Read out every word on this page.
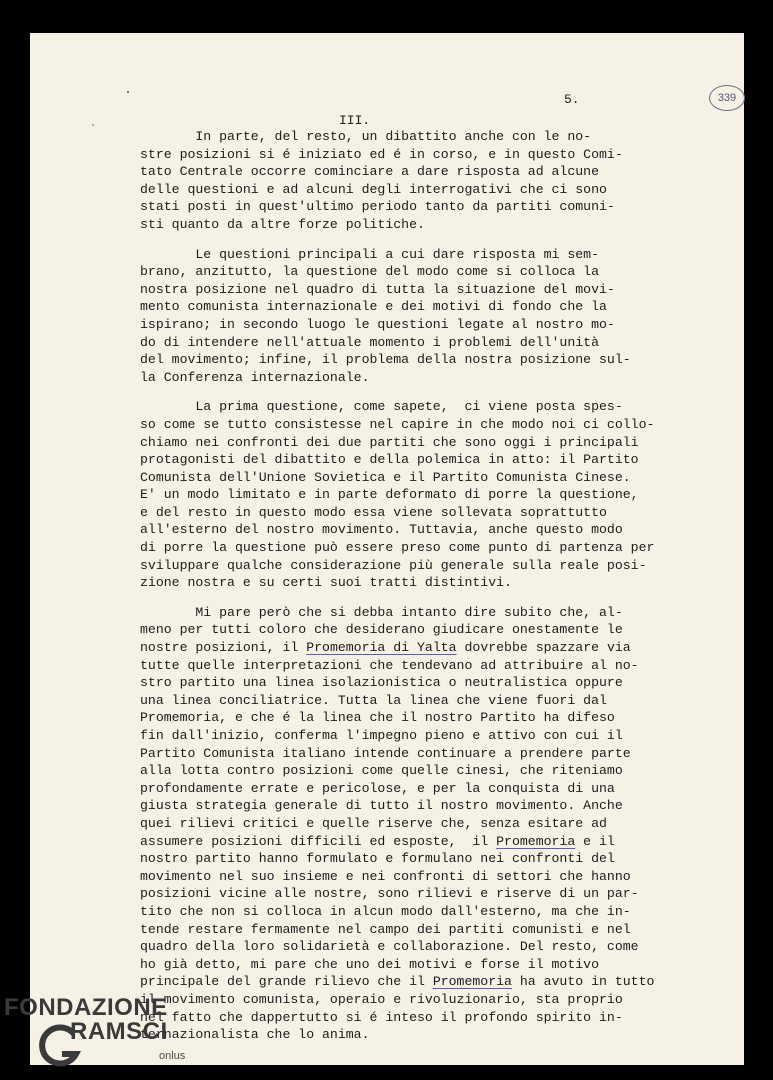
ˎ
339
5.
III.
In parte, del resto, un dibattito anche con le no-
stre posizioni si é iniziato ed é in corso, e in questo Comi-
tato Centrale occorre cominciare a dare risposta ad alcune
delle questioni e ad alcuni degli interrogativi che ci sono
stati posti in quest'ultimo periodo tanto da partiti comuni-
sti quanto da altre forze politiche.
Le questioni principali a cui dare risposta mi sem-
brano, anzitutto, la questione del modo come si colloca la
nostra posizione nel quadro di tutta la situazione del movi-
mento comunista internazionale e dei motivi di fondo che la
ispirano; in secondo luogo le questioni legate al nostro mo-
do di intendere nell'attuale momento i problemi dell'unità
del movimento; infine, il problema della nostra posizione sul-
la Conferenza internazionale.
La prima questione, come sapete,  ci viene posta spes-
so come se tutto consistesse nel capire in che modo noi ci collo-
chiamo nei confronti dei due partiti che sono oggi i principali
protagonisti del dibattito e della polemica in atto: il Partito
Comunista dell'Unione Sovietica e il Partito Comunista Cinese.
E' un modo limitato e in parte deformato di porre la questione,
e del resto in questo modo essa viene sollevata soprattutto
all'esterno del nostro movimento. Tuttavia, anche questo modo
di porre la questione può essere preso come punto di partenza per
sviluppare qualche considerazione più generale sulla reale posi-
zione nostra e su certi suoi tratti distintivi.
Mi pare però che si debba intanto dire subito che, al-
meno per tutti coloro che desiderano giudicare onestamente le
nostre posizioni, il Promemoria di Yalta dovrebbe spazzare via
tutte quelle interpretazioni che tendevano ad attribuire al no-
stro partito una linea isolazionistica o neutralistica oppure
una linea conciliatrice. Tutta la linea che viene fuori dal
Promemoria, e che é la linea che il nostro Partito ha difeso
fin dall'inizio, conferma l'impegno pieno e attivo con cui il
Partito Comunista italiano intende continuare a prendere parte
alla lotta contro posizioni come quelle cinesi, che riteniamo
profondamente errate e pericolose, e per la conquista di una
giusta strategia generale di tutto il nostro movimento. Anche
quei rilievi critici e quelle riserve che, senza esitare ad
assumere posizioni difficili ed esposte,  il Promemoria e il
nostro partito hanno formulato e formulano nei confronti del
movimento nel suo insieme e nei confronti di settori che hanno
posizioni vicine alle nostre, sono rilievi e riserve di un par-
tito che non si colloca in alcun modo dall'esterno, ma che in-
tende restare fermamente nel campo dei partiti comunisti e nel
quadro della loro solidarietà e collaborazione. Del resto, come
ho già detto, mi pare che uno dei motivi e forse il motivo
principale del grande rilievo che il Promemoria ha avuto in tutto
il movimento comunista, operaio e rivoluzionario, sta proprio
nel fatto che dappertutto si é inteso il profondo spirito in-
ternazionalista che lo anima.
FONDAZIONE
RAMSCI
onlus
